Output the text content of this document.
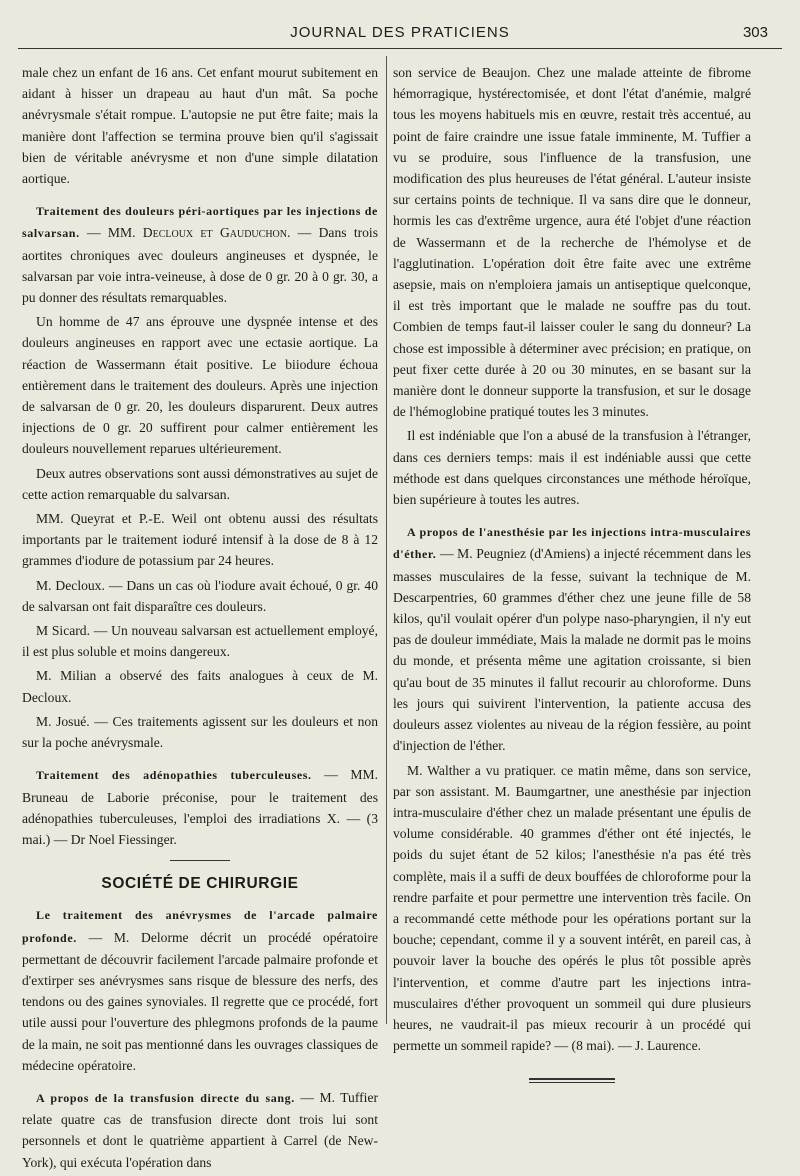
JOURNAL DES PRATICIENS	303

male chez un enfant de 16 ans. Cet enfant mourut subitement en aidant à hisser un drapeau au haut d'un mât. Sa poche anévrysmale s'était rompue. L'autopsie ne put être faite; mais la manière dont l'affection se termina prouve bien qu'il s'agissait bien de véritable anévrysme et non d'une simple dilatation aortique.

Traitement des douleurs péri-aortiques par les injections de salvarsan. — MM. Decloux et Gauduchon. — Dans trois aortites chroniques avec douleurs angineuses et dyspnée, le salvarsan par voie intra-veineuse, à dose de 0 gr. 20 à 0 gr. 30, a pu donner des résultats remarquables.

Un homme de 47 ans éprouve une dyspnée intense et des douleurs angineuses en rapport avec une ectasie aortique. La réaction de Wassermann était positive. Le biiodure échoua entièrement dans le traitement des douleurs. Après une injection de salvarsan de 0 gr. 20, les douleurs disparurent. Deux autres injections de 0 gr. 20 suffirent pour calmer entièrement les douleurs nouvellement reparues ultérieurement.

Deux autres observations sont aussi démonstratives au sujet de cette action remarquable du salvarsan.

MM. Queyrat et P.-E. Weil ont obtenu aussi des résultats importants par le traitement ioduré intensif à la dose de 8 à 12 grammes d'iodure de potassium par 24 heures.

M. Decloux. — Dans un cas où l'iodure avait échoué, 0 gr. 40 de salvarsan ont fait disparaître ces douleurs.

M Sicard. — Un nouveau salvarsan est actuellement employé, il est plus soluble et moins dangereux.

M. Milian a observé des faits analogues à ceux de M. Decloux.

M. Josué. — Ces traitements agissent sur les douleurs et non sur la poche anévrysmale.

Traitement des adénopathies tuberculeuses. — MM. Bruneau de Laborie préconise, pour le traitement des adénopathies tuberculeuses, l'emploi des irradiations X. — (3 mai.) — Dr Noel Fiessinger.

SOCIÉTÉ DE CHIRURGIE

Le traitement des anévrysmes de l'arcade palmaire profonde. — M. Delorme décrit un procédé opératoire permettant de découvrir facilement l'arcade palmaire profonde et d'extirper ses anévrysmes sans risque de blessure des nerfs, des tendons ou des gaines synoviales. Il regrette que ce procédé, fort utile aussi pour l'ouverture des phlegmons profonds de la paume de la main, ne soit pas mentionné dans les ouvrages classiques de médecine opératoire.

A propos de la transfusion directe du sang. — M. Tuffier relate quatre cas de transfusion directe dont trois lui sont personnels et dont le quatrième appartient à Carrel (de New-York), qui exécuta l'opération dans

son service de Beaujon. Chez une malade atteinte de fibrome hémorragique, hystérectomisée, et dont l'état d'anémie, malgré tous les moyens habituels mis en œuvre, restait très accentué, au point de faire craindre une issue fatale imminente, M. Tuffier a vu se produire, sous l'influence de la transfusion, une modification des plus heureuses de l'état général. L'auteur insiste sur certains points de technique. Il va sans dire que le donneur, hormis les cas d'extrême urgence, aura été l'objet d'une réaction de Wassermann et de la recherche de l'hémolyse et de l'agglutination. L'opération doit être faite avec une extrême asepsie, mais on n'emploiera jamais un antiseptique quelconque, il est très important que le malade ne souffre pas du tout. Combien de temps faut-il laisser couler le sang du donneur? La chose est impossible à déterminer avec précision; en pratique, on peut fixer cette durée à 20 ou 30 minutes, en se basant sur la manière dont le donneur supporte la transfusion, et sur le dosage de l'hémoglobine pratiqué toutes les 3 minutes.

Il est indéniable que l'on a abusé de la transfusion à l'étranger, dans ces derniers temps: mais il est indéniable aussi que cette méthode est dans quelques circonstances une méthode héroïque, bien supérieure à toutes les autres.

A propos de l'anesthésie par les injections intra-musculaires d'éther. — M. Peugniez (d'Amiens) a injecté récemment dans les masses musculaires de la fesse, suivant la technique de M. Descarpentries, 60 grammes d'éther chez une jeune fille de 58 kilos, qu'il voulait opérer d'un polype naso-pharyngien, il n'y eut pas de douleur immédiate, Mais la malade ne dormit pas le moins du monde, et présenta même une agitation croissante, si bien qu'au bout de 35 minutes il fallut recourir au chloroforme. Duns les jours qui suivirent l'intervention, la patiente accusa des douleurs assez violentes au niveau de la région fessière, au point d'injection de l'éther.

M. Walther a vu pratiquer. ce matin même, dans son service, par son assistant. M. Baumgartner, une anesthésie par injection intra-musculaire d'éther chez un malade présentant une épulis de volume considérable. 40 grammes d'éther ont été injectés, le poids du sujet étant de 52 kilos; l'anesthésie n'a pas été très complète, mais il a suffi de deux bouffées de chloroforme pour la rendre parfaite et pour permettre une intervention très facile. On a recommandé cette méthode pour les opérations portant sur la bouche; cependant, comme il y a souvent intérêt, en pareil cas, à pouvoir laver la bouche des opérés le plus tôt possible après l'intervention, et comme d'autre part les injections intra-musculaires d'éther provoquent un sommeil qui dure plusieurs heures, ne vaudrait-il pas mieux recourir à un procédé qui permette un sommeil rapide? — (8 mai). — J. Laurence.
